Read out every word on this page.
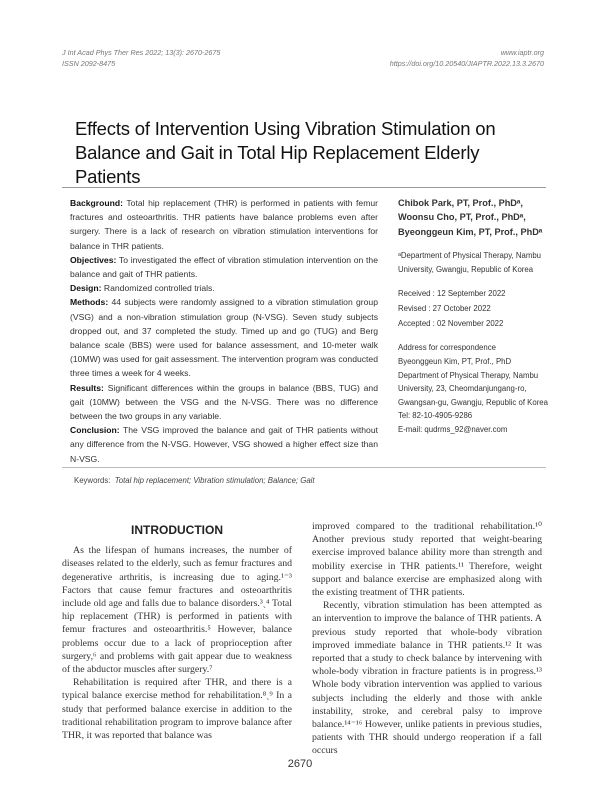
J Int Acad Phys Ther Res 2022; 13(3): 2670-2675
ISSN 2092-8475
www.iaptr.org
https://doi.org/10.20540/JIAPTR.2022.13.3.2670
Effects of Intervention Using Vibration Stimulation on Balance and Gait in Total Hip Replacement Elderly Patients

Background: Total hip replacement (THR) is performed in patients with femur fractures and osteoarthritis. THR patients have balance problems even after surgery. There is a lack of research on vibration stimulation interventions for balance in THR patients.

Objectives: To investigated the effect of vibration stimulation intervention on the balance and gait of THR patients.

Design: Randomized controlled trials.

Methods: 44 subjects were randomly assigned to a vibration stimulation group (VSG) and a non-vibration stimulation group (N-VSG). Seven study subjects dropped out, and 37 completed the study. Timed up and go (TUG) and Berg balance scale (BBS) were used for balance assessment, and 10-meter walk (10MW) was used for gait assessment. The intervention program was conducted three times a week for 4 weeks.

Results: Significant differences within the groups in balance (BBS, TUG) and gait (10MW) between the VSG and the N-VSG. There was no difference between the two groups in any variable.

Conclusion: The VSG improved the balance and gait of THR patients without any difference from the N-VSG. However, VSG showed a higher effect size than N-VSG.

Chibok Park, PT, Prof., PhDᵃ,
Woonsu Cho, PT, Prof., PhDᵃ,
Byeonggeun Kim, PT, Prof., PhDᵃ
ᵃDepartment of Physical Therapy, Nambu University, Gwangju, Republic of Korea
Received : 12 September 2022
Revised : 27 October 2022
Accepted : 02 November 2022
Address for correspondence
Byeonggeun Kim, PT, Prof., PhD
Department of Physical Therapy, Nambu University, 23, Cheomdanjungang-ro, Gwangsan-gu, Gwangju, Republic of Korea
Tel: 82-10-4905-9286
E-mail: qudrms_92@naver.com
Keywords: Total hip replacement; Vibration stimulation; Balance; Gait
INTRODUCTION

As the lifespan of humans increases, the number of diseases related to the elderly, such as femur fractures and degenerative arthritis, is increasing due to aging.¹⁻³ Factors that cause femur fractures and osteoarthritis include old age and falls due to balance disorders.³ˎ⁴ Total hip replacement (THR) is performed in patients with femur fractures and osteoarthritis.⁵ However, balance problems occur due to a lack of proprioception after surgery,⁶ and problems with gait appear due to weakness of the abductor muscles after surgery.⁷

Rehabilitation is required after THR, and there is a typical balance exercise method for rehabilitation.⁸ˎ⁹ In a study that performed balance exercise in addition to the traditional rehabilitation program to improve balance after THR, it was reported that balance was

improved compared to the traditional rehabilitation.¹⁰ Another previous study reported that weight-bearing exercise improved balance ability more than strength and mobility exercise in THR patients.¹¹ Therefore, weight support and balance exercise are emphasized along with the existing treatment of THR patients.

Recently, vibration stimulation has been attempted as an intervention to improve the balance of THR patients. A previous study reported that whole-body vibration improved immediate balance in THR patients.¹² It was reported that a study to check balance by intervening with whole-body vibration in fracture patients is in progress.¹³ Whole body vibration intervention was applied to various subjects including the elderly and those with ankle instability, stroke, and cerebral palsy to improve balance.¹⁴⁻¹⁶ However, unlike patients in previous studies, patients with THR should undergo reoperation if a fall occurs

2670
